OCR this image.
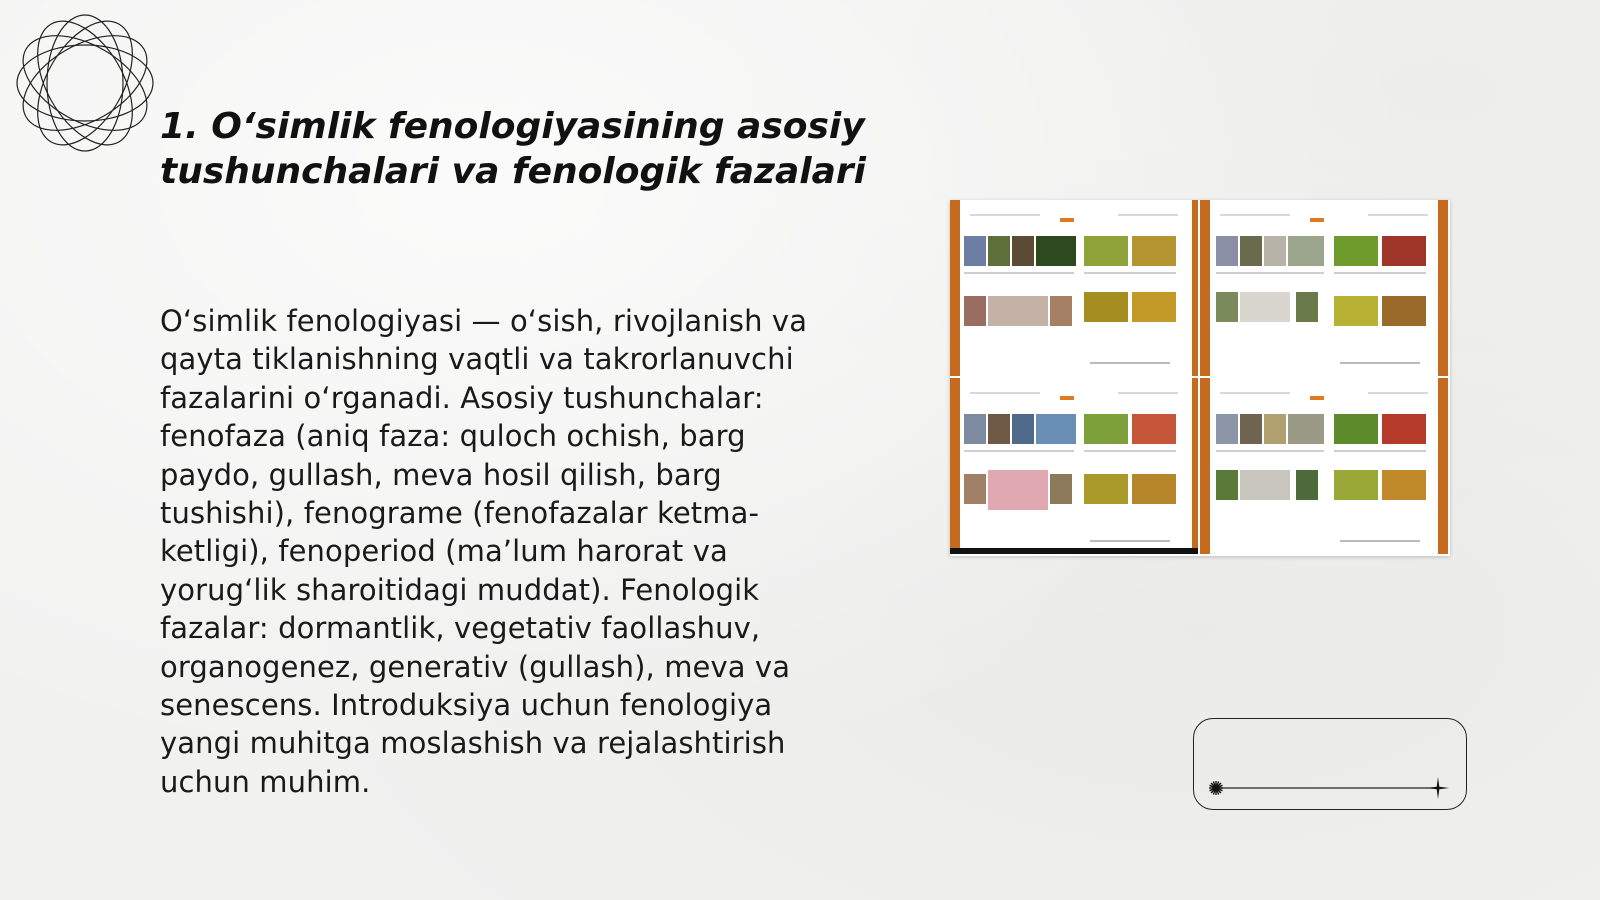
1. O‘simlik fenologiyasining asosiy tushunchalari va fenologik fazalari

O‘simlik fenologiyasi — o‘sish, rivojlanish va qayta tiklanishning vaqtli va takrorlanuvchi fazalarini o‘rganadi. Asosiy tushunchalar: fenofaza (aniq faza: quloch ochish, barg paydo, gullash, meva hosil qilish, barg tushishi), fenograme (fenofazalar ketma-ketligi), fenoperiod (ma’lum harorat va yorug‘lik sharoitidagi muddat). Fenologik fazalar: dormantlik, vegetativ faollashuv, organogenez, generativ (gullash), meva va senescens. Introduksiya uchun fenologiya yangi muhitga moslashish va rejalashtirish uchun muhim.
